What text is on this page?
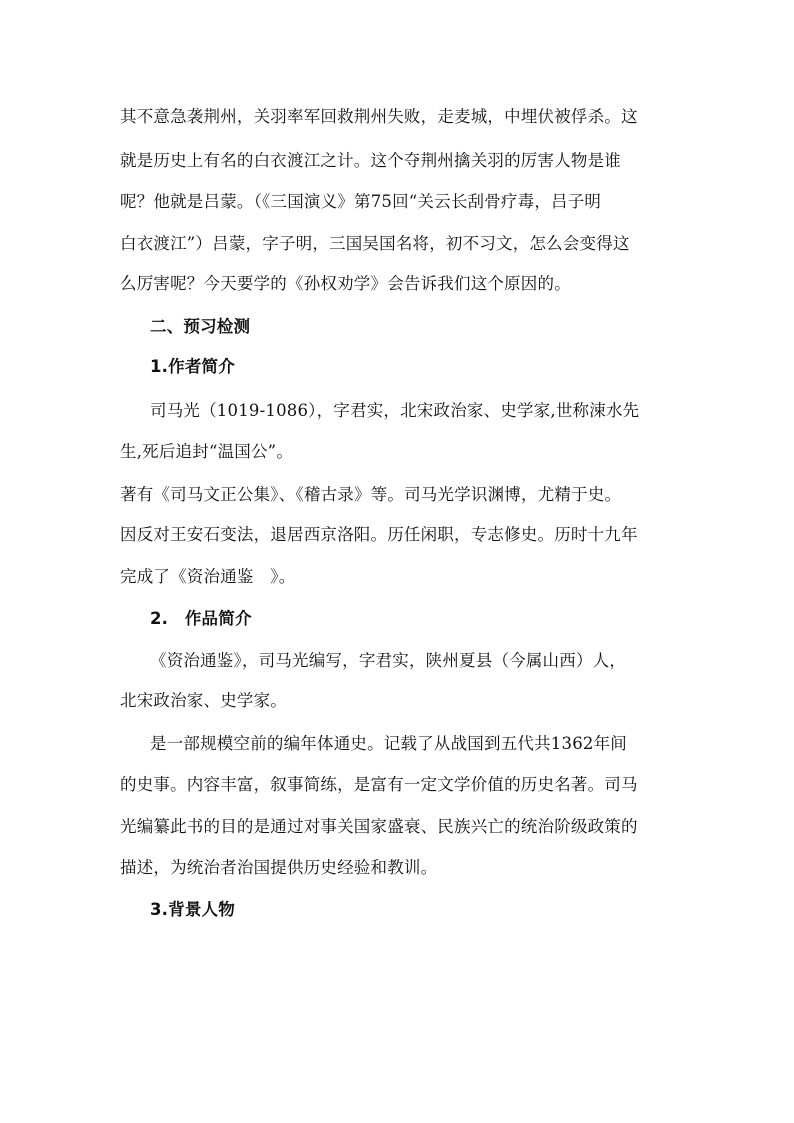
其不意急袭荆州，关羽率军回救荆州失败，走麦城，中埋伏被俘杀。这
就是历史上有名的白衣渡江之计。这个夺荆州擒关羽的厉害人物是谁
呢？他就是吕蒙。（《三国演义》第75回“关云长刮骨疗毒，吕子明
白衣渡江”）吕蒙，字子明，三国吴国名将，初不习文，怎么会变得这
么厉害呢？今天要学的《孙权劝学》会告诉我们这个原因的。
二、预习检测
1.作者简介
司马光（1019-1086），字君实，北宋政治家、史学家,世称涑水先
生,死后追封“温国公”。
著有《司马文正公集》、《稽古录》等。司马光学识渊博，尤精于史。
因反对王安石变法，退居西京洛阳。历任闲职，专志修史。历时十九年
完成了《资治通鉴　》。
2.　作品简介
《资治通鉴》，司马光编写，字君实，陕州夏县（今属山西）人，
北宋政治家、史学家。
是一部规模空前的编年体通史。记载了从战国到五代共1362年间
的史事。内容丰富，叙事简练，是富有一定文学价值的历史名著。司马
光编纂此书的目的是通过对事关国家盛衰、民族兴亡的统治阶级政策的
描述，为统治者治国提供历史经验和教训。
3.背景人物
